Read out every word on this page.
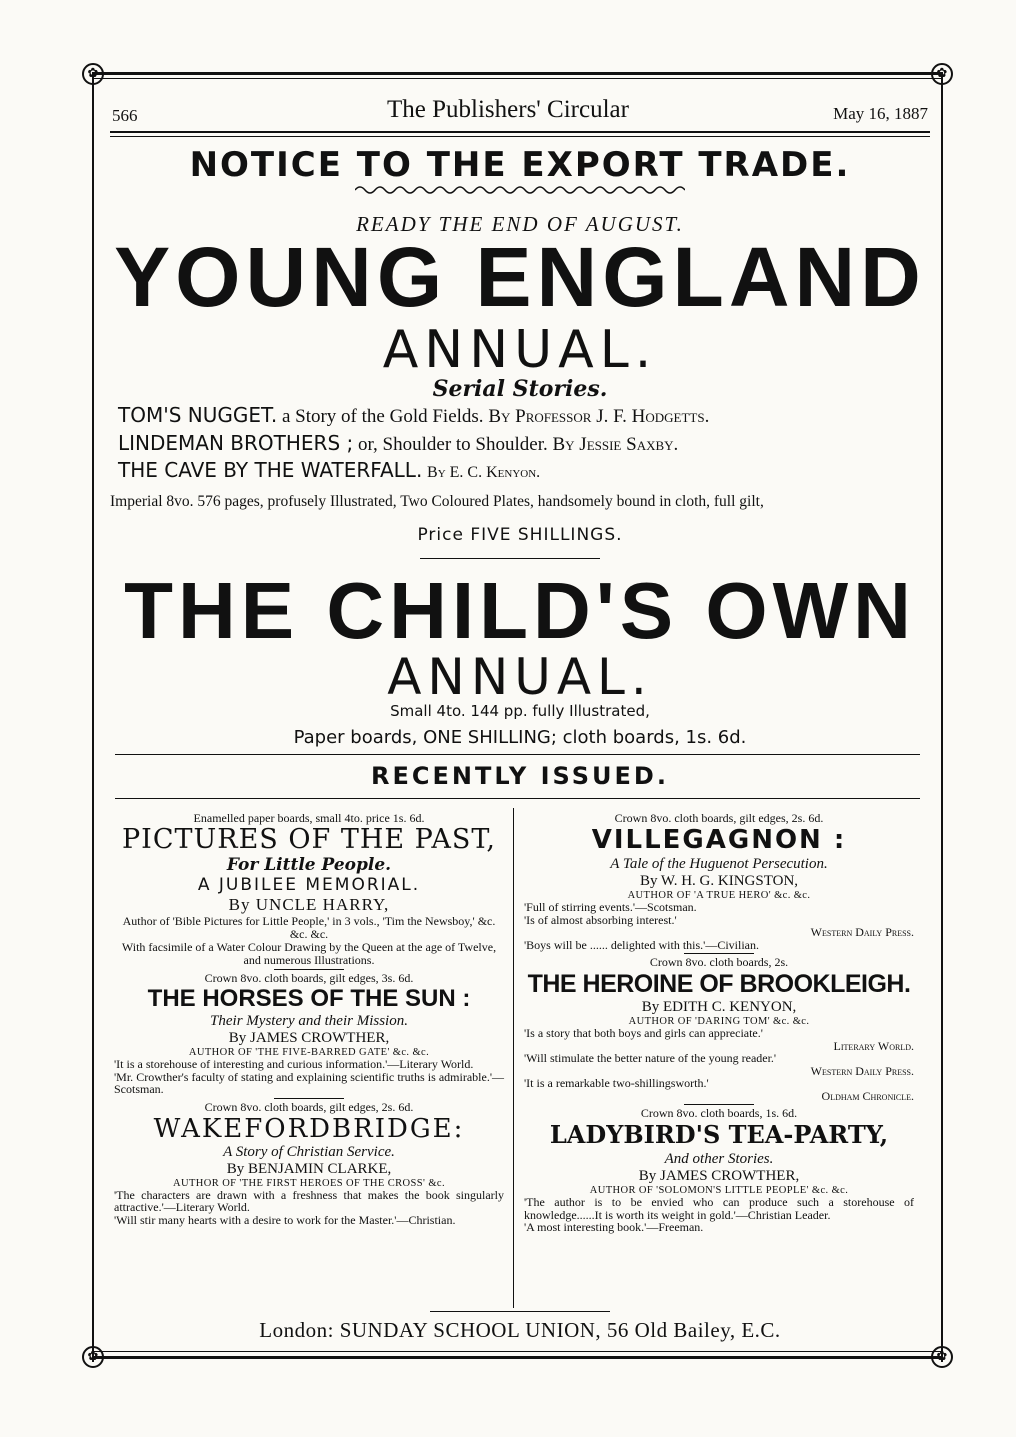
✿	✿
✿	✿
566	The Publishers' Circular	May 16, 1887
NOTICE TO THE EXPORT TRADE.
READY THE END OF AUGUST.
YOUNG ENGLAND
ANNUAL.
Serial Stories.
TOM'S NUGGET. a Story of the Gold Fields. By Professor J. F. Hodgetts.
LINDEMAN BROTHERS ; or, Shoulder to Shoulder. By Jessie Saxby.
THE CAVE BY THE WATERFALL. By E. C. Kenyon.
Imperial 8vo. 576 pages, profusely Illustrated, Two Coloured Plates, handsomely bound in cloth, full gilt,
Price FIVE SHILLINGS.
THE CHILD'S OWN
ANNUAL.
Small 4to. 144 pp. fully Illustrated,
Paper boards, ONE SHILLING; cloth boards, 1s. 6d.
RECENTLY ISSUED.

Enamelled paper boards, small 4to. price 1s. 6d.

PICTURES OF THE PAST,

For Little People.

A JUBILEE MEMORIAL.

By UNCLE HARRY,

Author of 'Bible Pictures for Little People,' in 3 vols., 'Tim the Newsboy,' &c. &c. &c.

With facsimile of a Water Colour Drawing by the Queen at the age of Twelve, and numerous Illustrations.

Crown 8vo. cloth boards, gilt edges, 3s. 6d.

THE HORSES OF THE SUN :

Their Mystery and their Mission.

By JAMES CROWTHER,

AUTHOR OF 'THE FIVE-BARRED GATE' &c. &c.

'It is a storehouse of interesting and curious information.'—Literary World.

'Mr. Crowther's faculty of stating and explaining scientific truths is admirable.'—Scotsman.

Crown 8vo. cloth boards, gilt edges, 2s. 6d.

WAKEFORDBRIDGE:

A Story of Christian Service.

By BENJAMIN CLARKE,

AUTHOR OF 'THE FIRST HEROES OF THE CROSS' &c.

'The characters are drawn with a freshness that makes the book singularly attractive.'—Literary World.

'Will stir many hearts with a desire to work for the Master.'—Christian.

Crown 8vo. cloth boards, gilt edges, 2s. 6d.

VILLEGAGNON :

A Tale of the Huguenot Persecution.

By W. H. G. KINGSTON,

AUTHOR OF 'A TRUE HERO' &c. &c.

'Full of stirring events.'—Scotsman.

'Is of almost absorbing interest.'

Western Daily Press.

'Boys will be ...... delighted with this.'—Civilian.

Crown 8vo. cloth boards, 2s.

THE HEROINE OF BROOKLEIGH.

By EDITH C. KENYON,

AUTHOR OF 'DARING TOM' &c. &c.

'Is a story that both boys and girls can appreciate.'

Literary World.

'Will stimulate the better nature of the young reader.'

Western Daily Press.

'It is a remarkable two-shillingsworth.'

Oldham Chronicle.

Crown 8vo. cloth boards, 1s. 6d.

LADYBIRD'S TEA-PARTY,

And other Stories.

By JAMES CROWTHER,

AUTHOR OF 'SOLOMON'S LITTLE PEOPLE' &c. &c.

'The author is to be envied who can produce such a storehouse of knowledge......It is worth its weight in gold.'—Christian Leader.

'A most interesting book.'—Freeman.

London: SUNDAY SCHOOL UNION, 56 Old Bailey, E.C.
